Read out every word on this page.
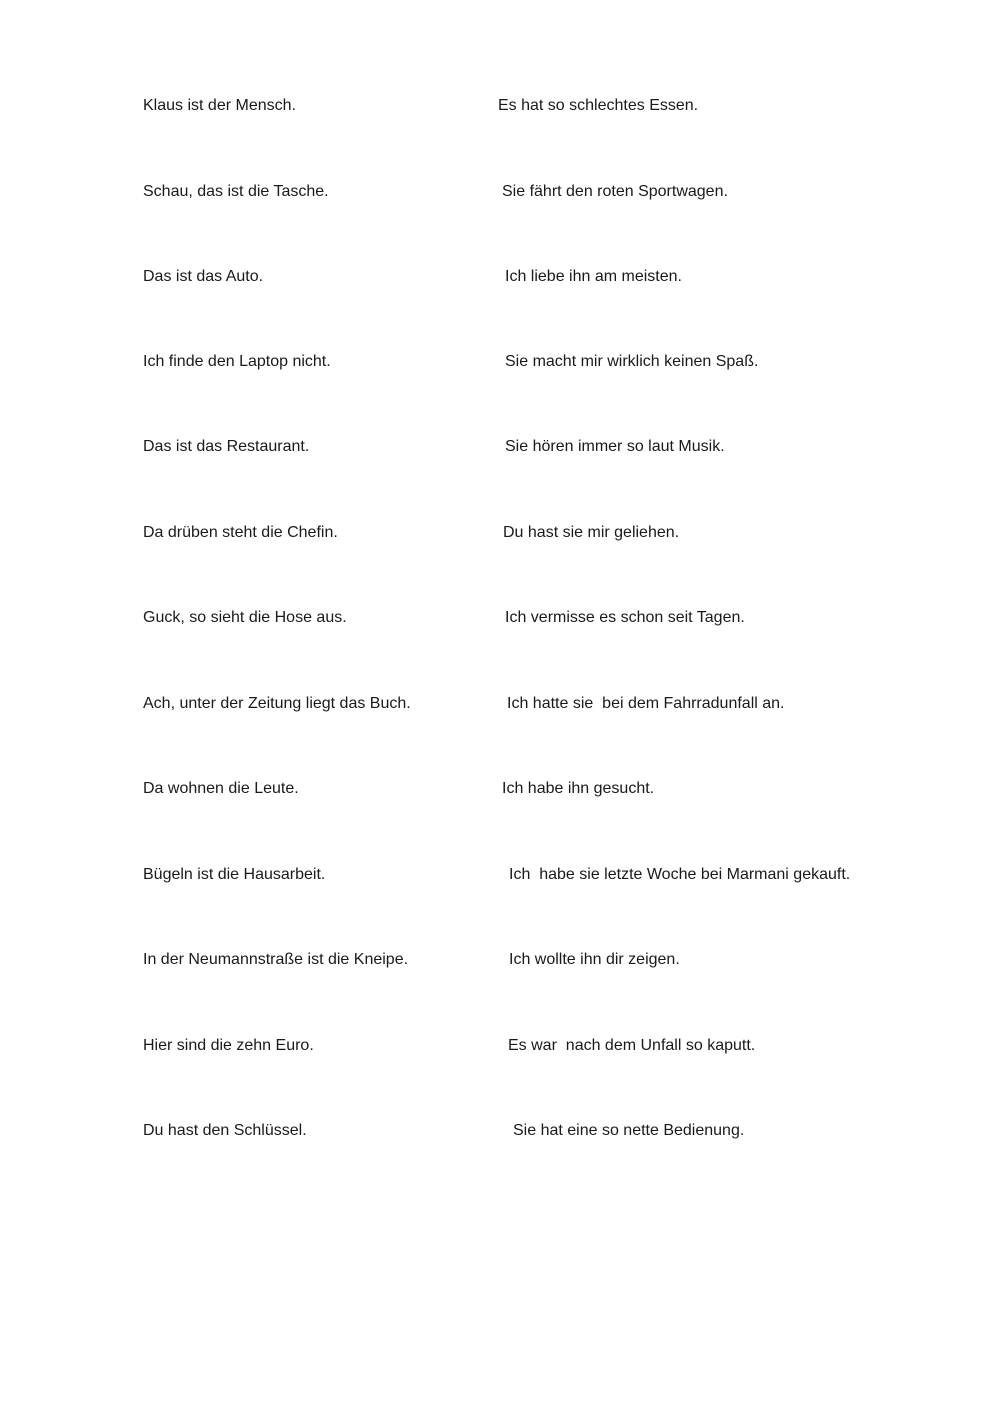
Klaus ist der Mensch.	Es hat so schlechtes Essen.
Schau, das ist die Tasche.	Sie fährt den roten Sportwagen.
Das ist das Auto.	Ich liebe ihn am meisten.
Ich finde den Laptop nicht.	Sie macht mir wirklich keinen Spaß.
Das ist das Restaurant.	Sie hören immer so laut Musik.
Da drüben steht die Chefin.	Du hast sie mir geliehen.
Guck, so sieht die Hose aus.	Ich vermisse es schon seit Tagen.
Ach, unter der Zeitung liegt das Buch.	Ich hatte sie  bei dem Fahrradunfall an.
Da wohnen die Leute.	Ich habe ihn gesucht.
Bügeln ist die Hausarbeit.	Ich  habe sie letzte Woche bei Marmani gekauft.
In der Neumannstraße ist die Kneipe.	Ich wollte ihn dir zeigen.
Hier sind die zehn Euro.	Es war  nach dem Unfall so kaputt.
Du hast den Schlüssel.	Sie hat eine so nette Bedienung.
